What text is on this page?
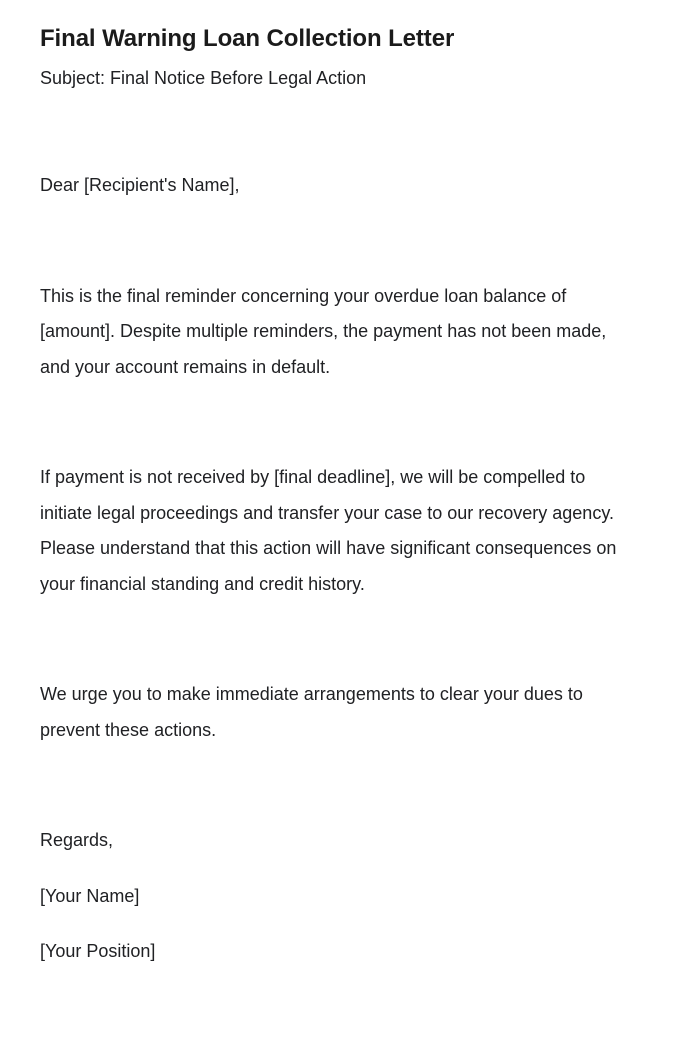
Final Warning Loan Collection Letter

Subject: Final Notice Before Legal Action

Dear [Recipient's Name],

This is the final reminder concerning your overdue loan balance of [amount]. Despite multiple reminders, the payment has not been made, and your account remains in default.

If payment is not received by [final deadline], we will be compelled to initiate legal proceedings and transfer your case to our recovery agency. Please understand that this action will have significant consequences on your financial standing and credit history.

We urge you to make immediate arrangements to clear your dues to prevent these actions.

Regards,

[Your Name]

[Your Position]
